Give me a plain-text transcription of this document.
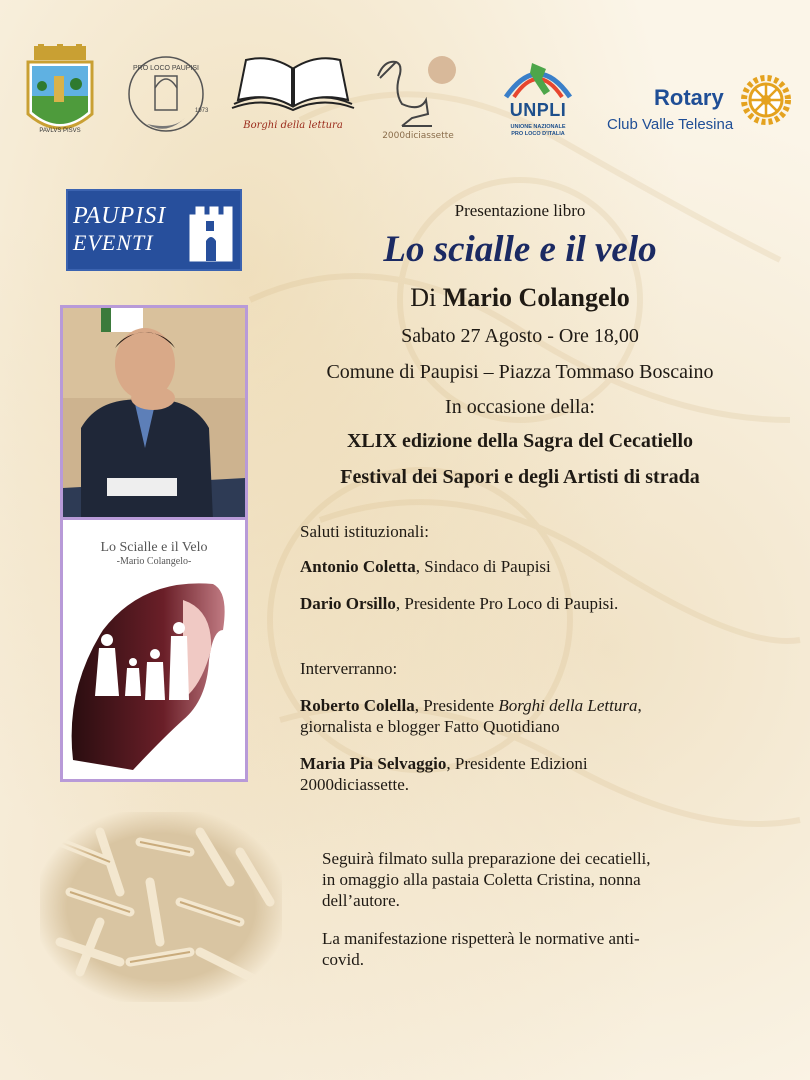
PAVLVS PISVS
PRO LOCO PAUPISI
1973
Borghi della lettura
2000diciassette
UNPLI
UNIONE NAZIONALE
PRO LOCO D'ITALIA
Rotary
Club Valle Telesina
PAUPISI
EVENTI
Lo Scialle e il Velo
-Mario Colangelo-
Presentazione libro
Lo scialle e il velo
Di Mario Colangelo
Sabato 27 Agosto - Ore 18,00
Comune di Paupisi – Piazza Tommaso Boscaino
In occasione della:
XLIX edizione della Sagra del Cecatiello
Festival dei Sapori e degli Artisti di strada
Saluti istituzionali:
Antonio Coletta, Sindaco di Paupisi
Dario Orsillo, Presidente Pro Loco di Paupisi.
Interverranno:
Roberto Colella, Presidente Borghi della Lettura,
giornalista e blogger Fatto Quotidiano
Maria Pia Selvaggio, Presidente Edizioni
2000diciassette.
Seguirà filmato sulla preparazione dei cecatielli,
in omaggio alla pastaia Coletta Cristina, nonna
dell’autore.
La manifestazione rispetterà le normative anti-
covid.
